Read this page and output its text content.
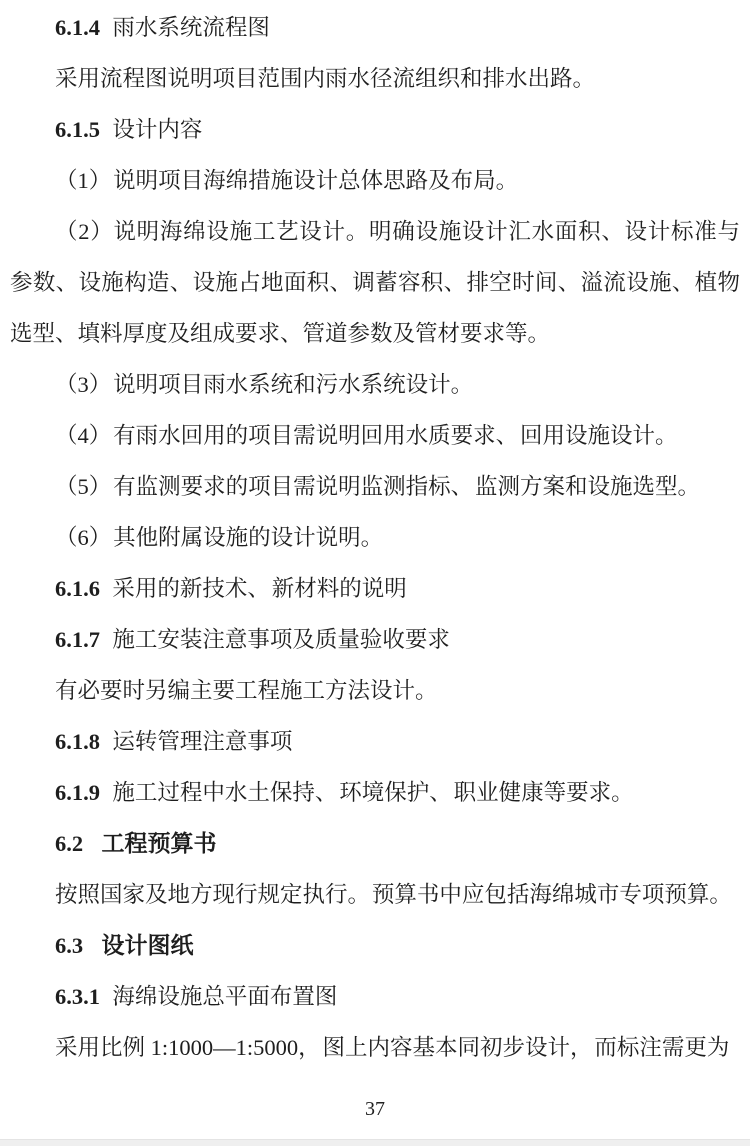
6.1.4 雨水系统流程图

采用流程图说明项目范围内雨水径流组织和排水出路。

6.1.5 设计内容

（1） 说明项目海绵措施设计总体思路及布局。

（2）说明海绵设施工艺设计。明确设施设计汇水面积、设计标准与参数、设施构造、设施占地面积、调蓄容积、排空时间、溢流设施、植物选型、填料厚度及组成要求、管道参数及管材要求等。

（3） 说明项目雨水系统和污水系统设计。

（4） 有雨水回用的项目需说明回用水质要求、 回用设施设计。

（5） 有监测要求的项目需说明监测指标、 监测方案和设施选型。

（6） 其他附属设施的设计说明。

6.1.6 采用的新技术、 新材料的说明

6.1.7 施工安装注意事项及质量验收要求

有必要时另编主要工程施工方法设计。

6.1.8 运转管理注意事项

6.1.9 施工过程中水土保持、 环境保护、 职业健康等要求。

6.2 工程预算书

按照国家及地方现行规定执行。 预算书中应包括海绵城市专项预算。

6.3 设计图纸

6.3.1 海绵设施总平面布置图

采用比例 1:1000—1:5000， 图上内容基本同初步设计， 而标注需更为

37
